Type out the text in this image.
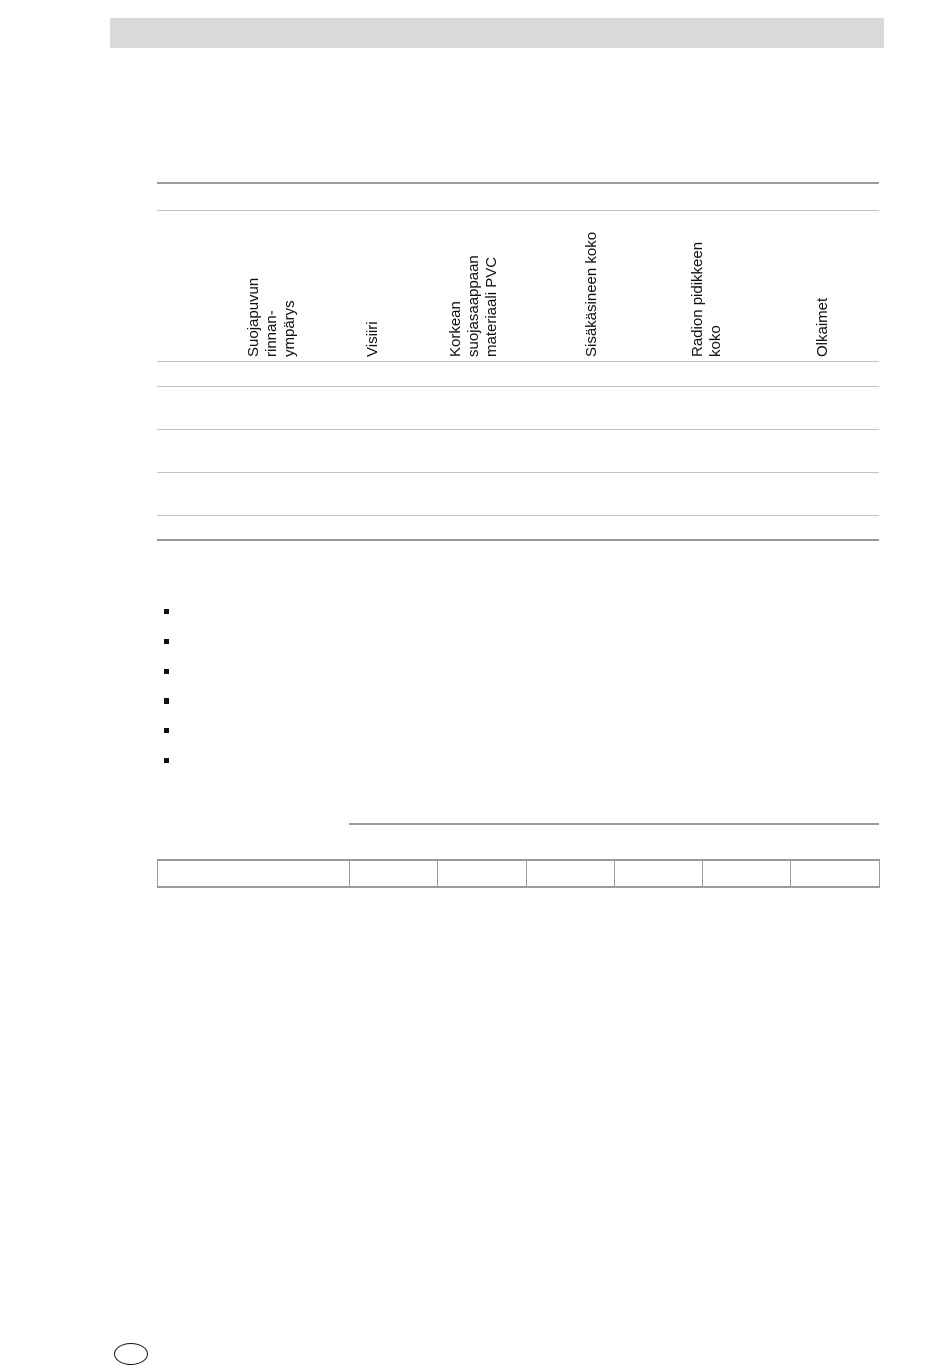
Suojapuvun
rinnan-
ympärys	Visiiri	Korkean
suojasaappaan
materiaali PVC	Sisäkäsineen koko	Radion pidikkeen
koko	Olkaimet
